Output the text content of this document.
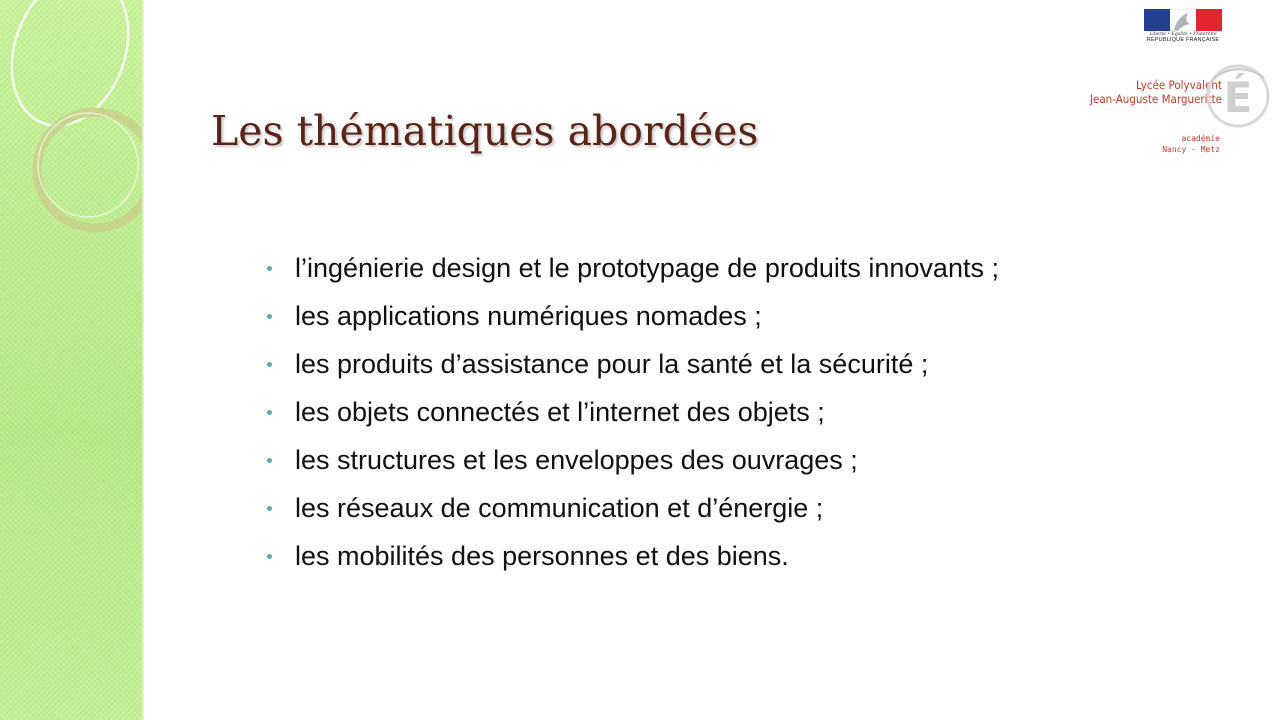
Les thématiques abordées
l’ingénierie design et le prototypage de produits innovants ;
les applications numériques nomades ;
les produits d’assistance pour la santé et la sécurité ;
les objets connectés et l’internet des objets ;
les structures et les enveloppes des ouvrages ;
les réseaux de communication et d’énergie ;
les mobilités des personnes et des biens.
Liberté • Égalité • Fraternité
RÉPUBLIQUE FRANÇAISE
Lycée Polyvalent
Jean-Auguste Margueritte É
académie
Nancy - Metz
